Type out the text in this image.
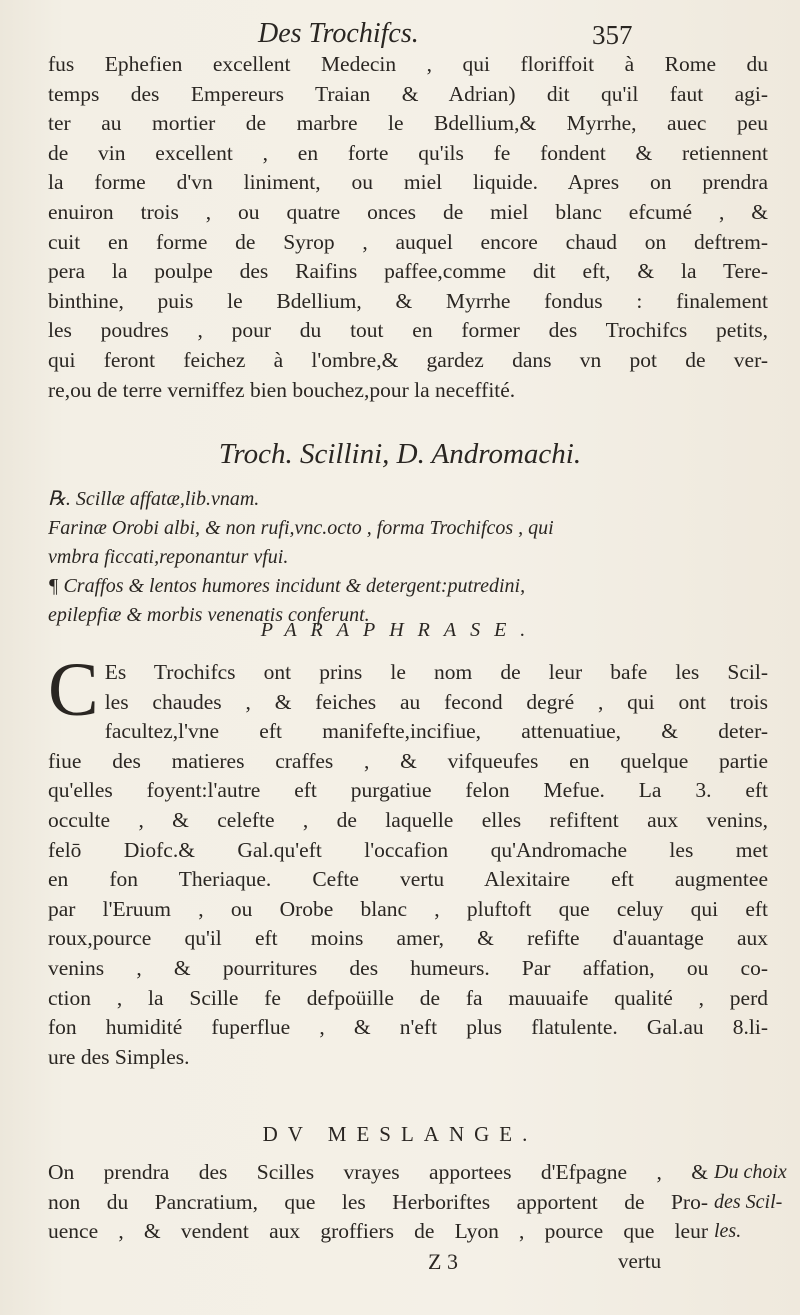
Des Trochifcs.	357
fus Ephefien excellent Medecin , qui floriffoit à Rome du
temps des Empereurs Traian & Adrian) dit qu'il faut agi-
ter au mortier de marbre le Bdellium,& Myrrhe, auec peu
de vin excellent , en forte qu'ils fe fondent & retiennent
la forme d'vn liniment, ou miel liquide. Apres on prendra
enuiron trois , ou quatre onces de miel blanc efcumé , &
cuit en forme de Syrop , auquel encore chaud on deftrem-
pera la poulpe des Raifins paffee,comme dit eft, & la Tere-
binthine, puis le Bdellium, & Myrrhe fondus : finalement
les poudres , pour du tout en former des Trochifcs petits,
qui feront feichez à l'ombre,& gardez dans vn pot de ver-
re,ou de terre verniffez bien bouchez,pour la neceffité.
Troch. Scillini, D. Andromachi.
℞. Scillæ affatæ,lib.vnam.
Farinæ Orobi albi, & non rufi,vnc.octo , forma Trochifcos , qui
vmbra ficcati,reponantur vfui.
¶ Craffos & lentos humores incidunt & detergent:putredini,
epilepfiæ & morbis venenatis conferunt.
PARAPHRASE.
C Es Trochifcs ont prins le nom de leur bafe les Scil-
les chaudes , & feiches au fecond degré , qui ont trois
facultez,l'vne eft manifefte,incifiue, attenuatiue, & deter-
fiue des matieres craffes , & vifqueufes en quelque partie
qu'elles foyent:l'autre eft purgatiue felon Mefue. La 3. eft
occulte , & celefte , de laquelle elles refiftent aux venins,
felō Diofc.& Gal.qu'eft l'occafion qu'Andromache les met
en fon Theriaque. Cefte vertu Alexitaire eft augmentee
par l'Eruum , ou Orobe blanc , pluftoft que celuy qui eft
roux,pource qu'il eft moins amer, & refifte d'auantage aux
venins , & pourritures des humeurs. Par affation, ou co-
ction , la Scille fe defpoüille de fa mauuaife qualité , perd
fon humidité fuperflue , & n'eft plus flatulente. Gal.au 8.li-
ure des Simples.
DV MESLANGE.
On prendra des Scilles vrayes apportees d'Efpagne , &
non du Pancratium, que les Herboriftes apportent de Pro-
uence , & vendent aux groffiers de Lyon , pource que leur
Du choix
des Scil-
les.
Z 3	vertu
